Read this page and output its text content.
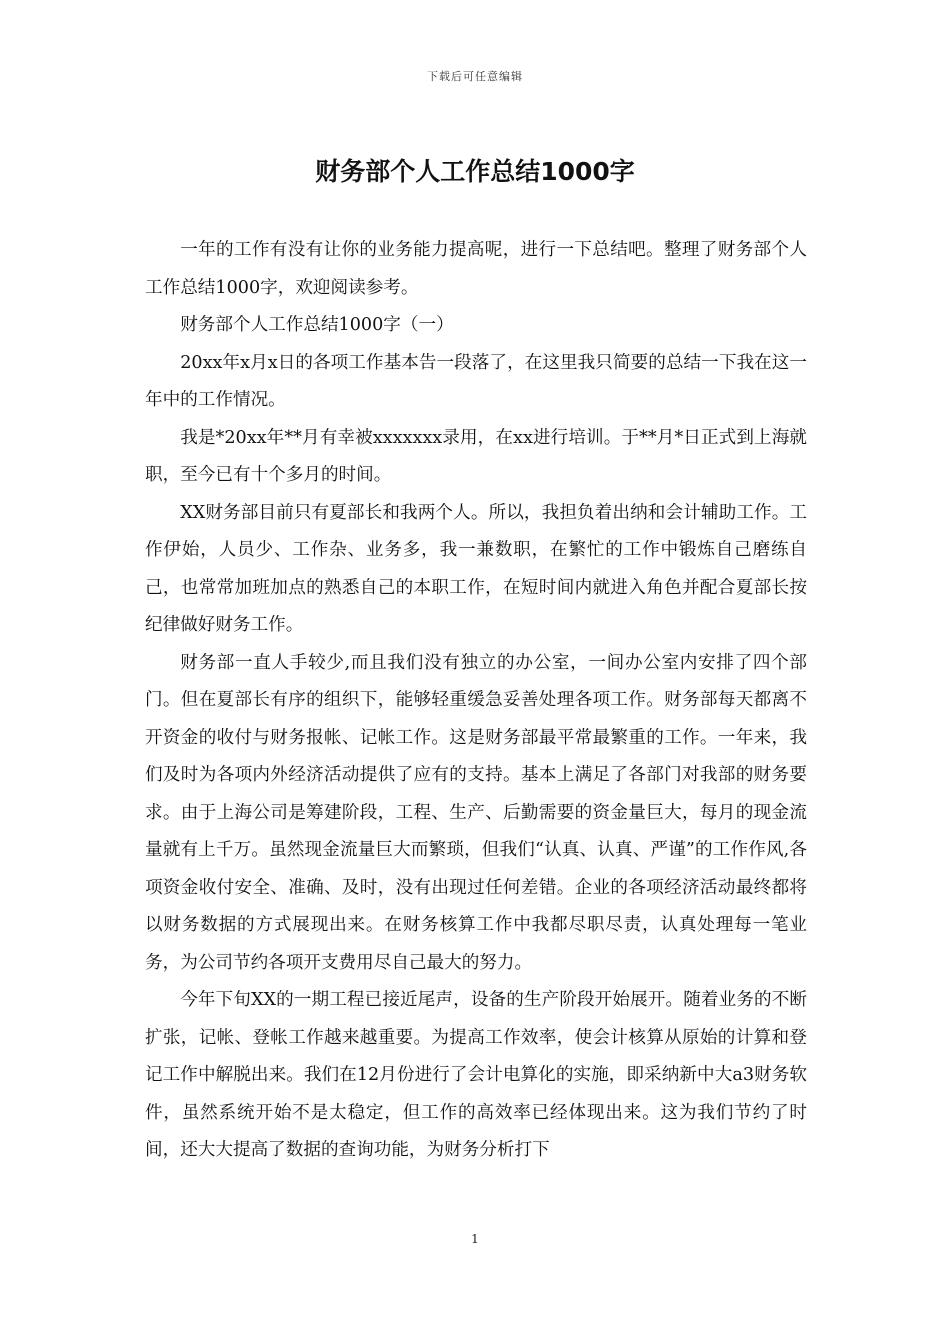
下载后可任意编辑
财务部个人工作总结1000字

一年的工作有没有让你的业务能力提高呢，进行一下总结吧。整理了财务部个人工作总结1000字，欢迎阅读参考。

财务部个人工作总结1000字（一）

20xx年x月x日的各项工作基本告一段落了，在这里我只简要的总结一下我在这一年中的工作情况。

我是*20xx年**月有幸被xxxxxxx录用，在xx进行培训。于**月*日正式到上海就职，至今已有十个多月的时间。

XX财务部目前只有夏部长和我两个人。所以，我担负着出纳和会计辅助工作。工作伊始，人员少、工作杂、业务多，我一兼数职，在繁忙的工作中锻炼自己磨练自己，也常常加班加点的熟悉自己的本职工作，在短时间内就进入角色并配合夏部长按纪律做好财务工作。

财务部一直人手较少,而且我们没有独立的办公室，一间办公室内安排了四个部门。但在夏部长有序的组织下，能够轻重缓急妥善处理各项工作。财务部每天都离不开资金的收付与财务报帐、记帐工作。这是财务部最平常最繁重的工作。一年来，我们及时为各项内外经济活动提供了应有的支持。基本上满足了各部门对我部的财务要求。由于上海公司是筹建阶段，工程、生产、后勤需要的资金量巨大，每月的现金流量就有上千万。虽然现金流量巨大而繁琐，但我们“认真、认真、严谨”的工作作风,各项资金收付安全、准确、及时，没有出现过任何差错。企业的各项经济活动最终都将以财务数据的方式展现出来。在财务核算工作中我都尽职尽责，认真处理每一笔业务，为公司节约各项开支费用尽自己最大的努力。

今年下旬XX的一期工程已接近尾声，设备的生产阶段开始展开。随着业务的不断扩张，记帐、登帐工作越来越重要。为提高工作效率，使会计核算从原始的计算和登记工作中解脱出来。我们在12月份进行了会计电算化的实施，即采纳新中大a3财务软件，虽然系统开始不是太稳定，但工作的高效率已经体现出来。这为我们节约了时间，还大大提高了数据的查询功能，为财务分析打下

1
